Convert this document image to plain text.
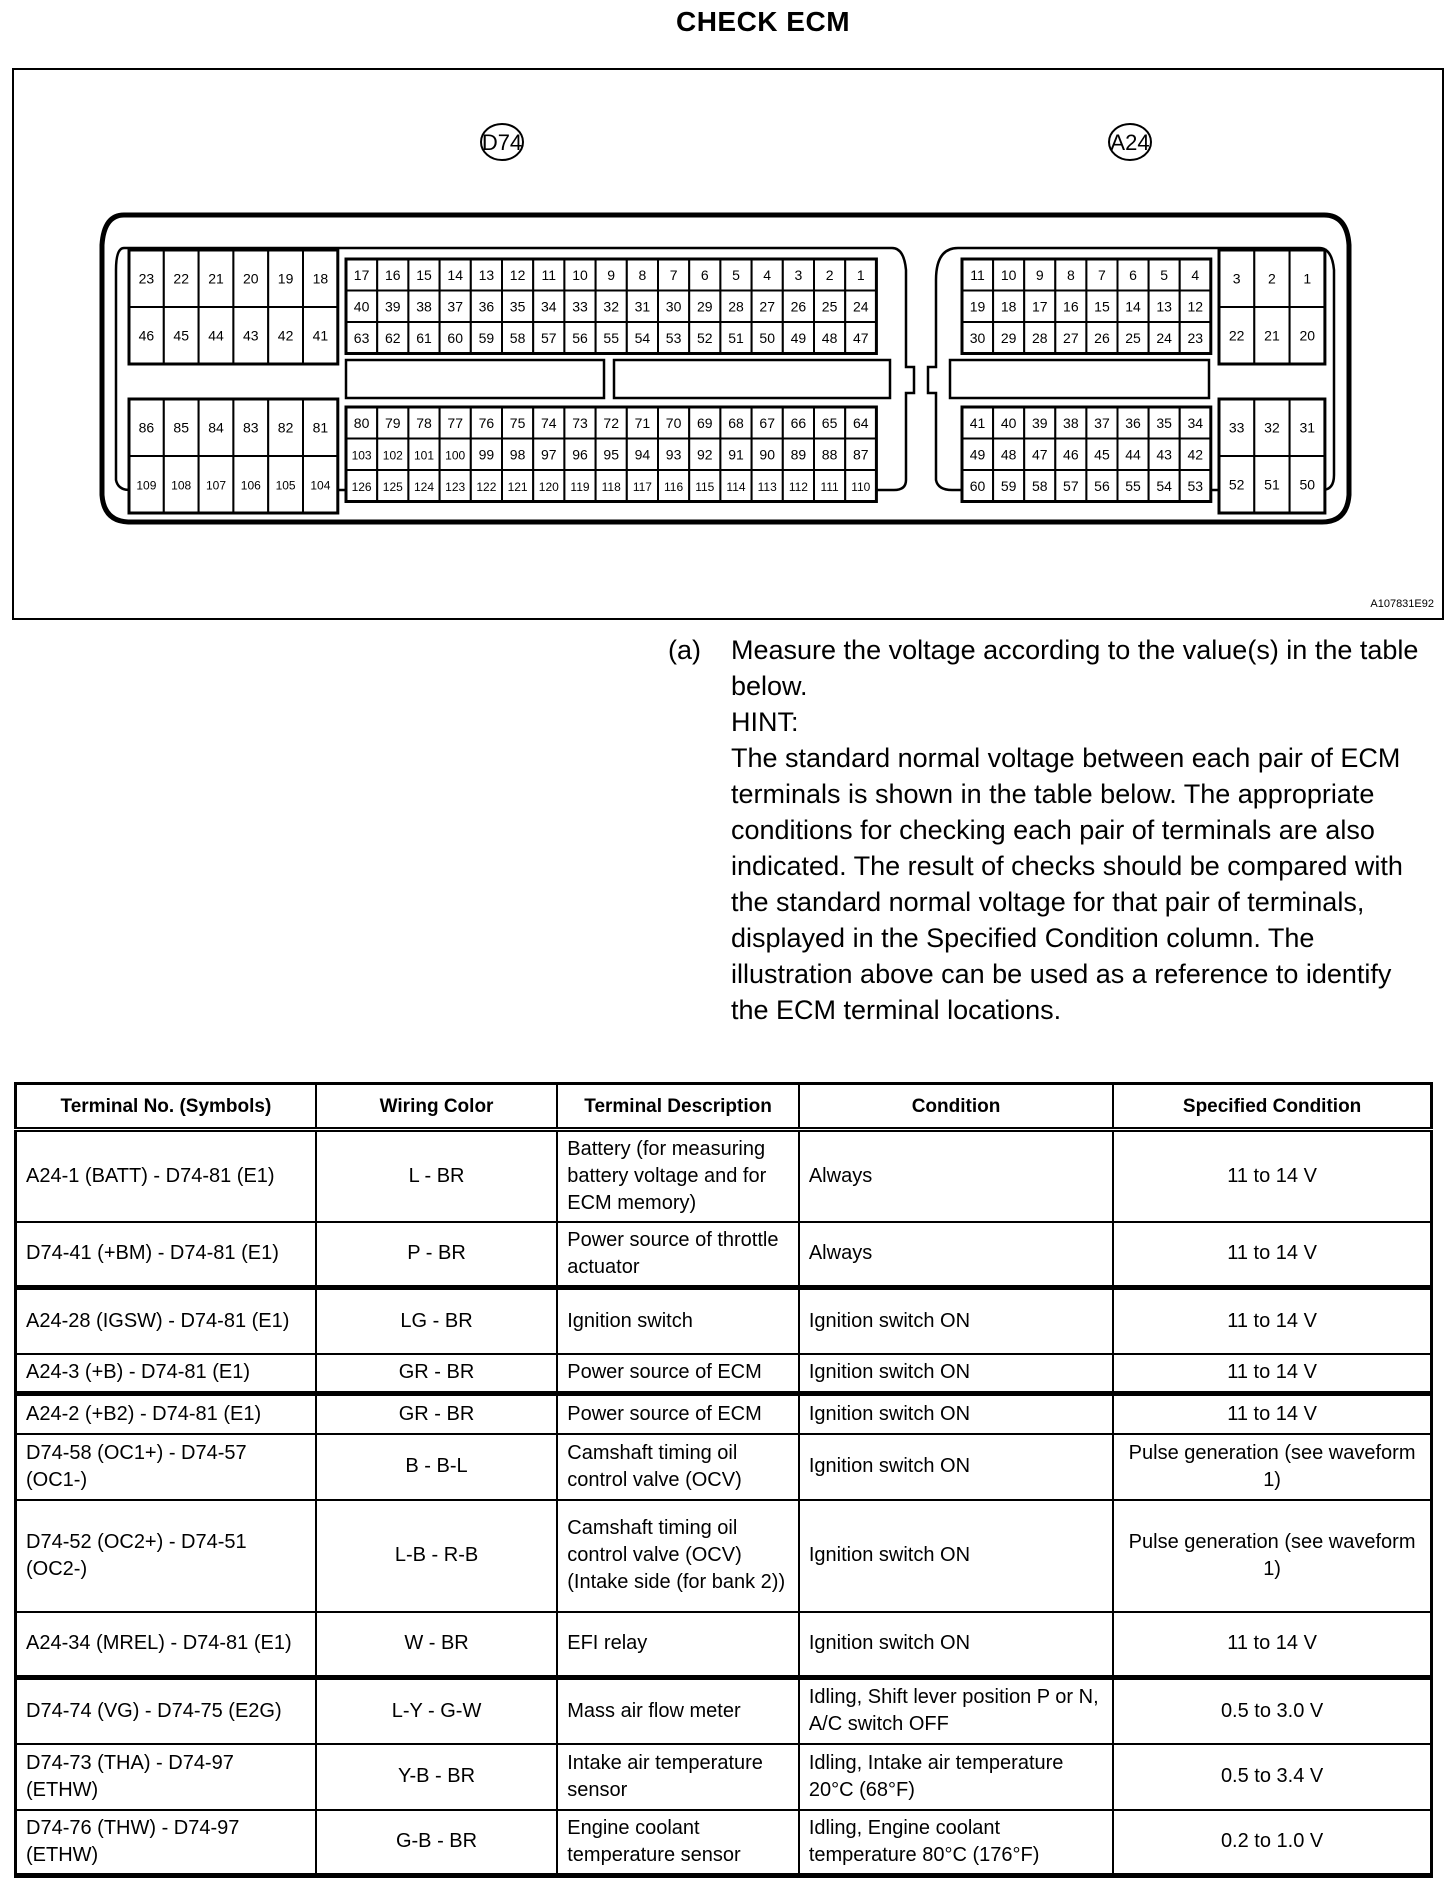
CHECK ECM
D74	A24
23 22 21 20 19 18
46 45 44 43 42 41
86 85 84 83 82 81
109 108 107 106 105 104
17 16 15 14 13 12 11 10 9 8 7 6 5 4 3 2 1
40 39 38 37 36 35 34 33 32 31 30 29 28 27 26 25 24
63 62 61 60 59 58 57 56 55 54 53 52 51 50 49 48 47
80 79 78 77 76 75 74 73 72 71 70 69 68 67 66 65 64
103 102 101 100 99 98 97 96 95 94 93 92 91 90 89 88 87
126 125 124 123 122 121 120 119 118 117 116 115 114 113 112 111 110
11 10 9 8 7 6 5 4
19 18 17 16 15 14 13 12
30 29 28 27 26 25 24 23
41 40 39 38 37 36 35 34
49 48 47 46 45 44 43 42
60 59 58 57 56 55 54 53
3 2 1
22 21 20
33 32 31
52 51 50
A107831E92
(a) Measure the voltage according to the value(s) in the table below.

HINT:

The standard normal voltage between each pair of ECM terminals is shown in the table below. The appropriate conditions for checking each pair of terminals are also indicated. The result of checks should be compared with the standard normal voltage for that pair of terminals, displayed in the Specified Condition column. The illustration above can be used as a reference to identify the ECM terminal locations.

Terminal No. (Symbols)	Wiring Color	Terminal Description	Condition	Specified Condition
A24-1 (BATT) - D74-81 (E1)	L - BR	Battery (for measuring battery voltage and for ECM memory)	Always	11 to 14 V
D74-41 (+BM) - D74-81 (E1)	P - BR	Power source of throttle actuator	Always	11 to 14 V
A24-28 (IGSW) - D74-81 (E1)	LG - BR	Ignition switch	Ignition switch ON	11 to 14 V
A24-3 (+B) - D74-81 (E1)	GR - BR	Power source of ECM	Ignition switch ON	11 to 14 V
A24-2 (+B2) - D74-81 (E1)	GR - BR	Power source of ECM	Ignition switch ON	11 to 14 V
D74-58 (OC1+) - D74-57 (OC1-)	B - B-L	Camshaft timing oil control valve (OCV)	Ignition switch ON	Pulse generation (see waveform 1)
D74-52 (OC2+) - D74-51 (OC2-)	L-B - R-B	Camshaft timing oil control valve (OCV) (Intake side (for bank 2))	Ignition switch ON	Pulse generation (see waveform 1)
A24-34 (MREL) - D74-81 (E1)	W - BR	EFI relay	Ignition switch ON	11 to 14 V
D74-74 (VG) - D74-75 (E2G)	L-Y - G-W	Mass air flow meter	Idling, Shift lever position P or N, A/C switch OFF	0.5 to 3.0 V
D74-73 (THA) - D74-97 (ETHW)	Y-B - BR	Intake air temperature sensor	Idling, Intake air temperature 20°C (68°F)	0.5 to 3.4 V
D74-76 (THW) - D74-97 (ETHW)	G-B - BR	Engine coolant temperature sensor	Idling, Engine coolant temperature 80°C (176°F)	0.2 to 1.0 V
